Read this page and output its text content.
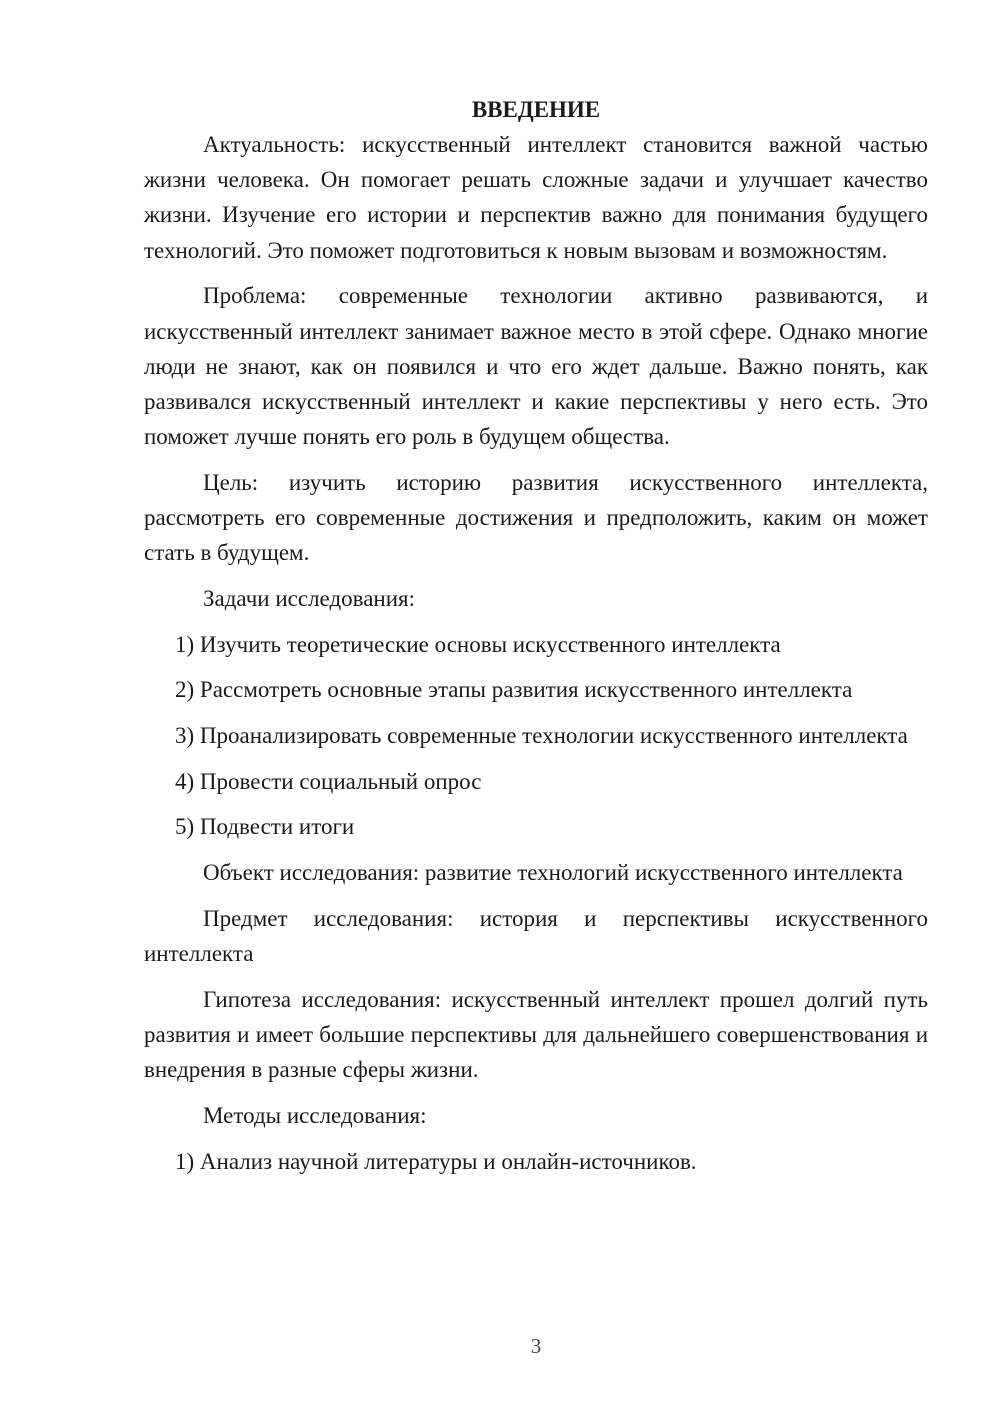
ВВЕДЕНИЕ

Актуальность: искусственный интеллект становится важной частью жизни человека. Он помогает решать сложные задачи и улучшает качество жизни. Изучение его истории и перспектив важно для понимания будущего технологий. Это поможет подготовиться к новым вызовам и возможностям.

Проблема: современные технологии активно развиваются, и искусственный интеллект занимает важное место в этой сфере. Однако многие люди не знают, как он появился и что его ждет дальше. Важно понять, как развивался искусственный интеллект и какие перспективы у него есть. Это поможет лучше понять его роль в будущем общества.

Цель: изучить историю развития искусственного интеллекта, рассмотреть его современные достижения и предположить, каким он может стать в будущем.

Задачи исследования:

1) Изучить теоретические основы искусственного интеллекта

2) Рассмотреть основные этапы развития искусственного интеллекта

3) Проанализировать современные технологии искусственного интеллекта

4) Провести социальный опрос

5) Подвести итоги

Объект исследования: развитие технологий искусственного интеллекта

Предмет исследования: история и перспективы искусственного интеллекта

Гипотеза исследования: искусственный интеллект прошел долгий путь развития и имеет большие перспективы для дальнейшего совершенствования и внедрения в разные сферы жизни.

Методы исследования:

1) Анализ научной литературы и онлайн-источников.

3
